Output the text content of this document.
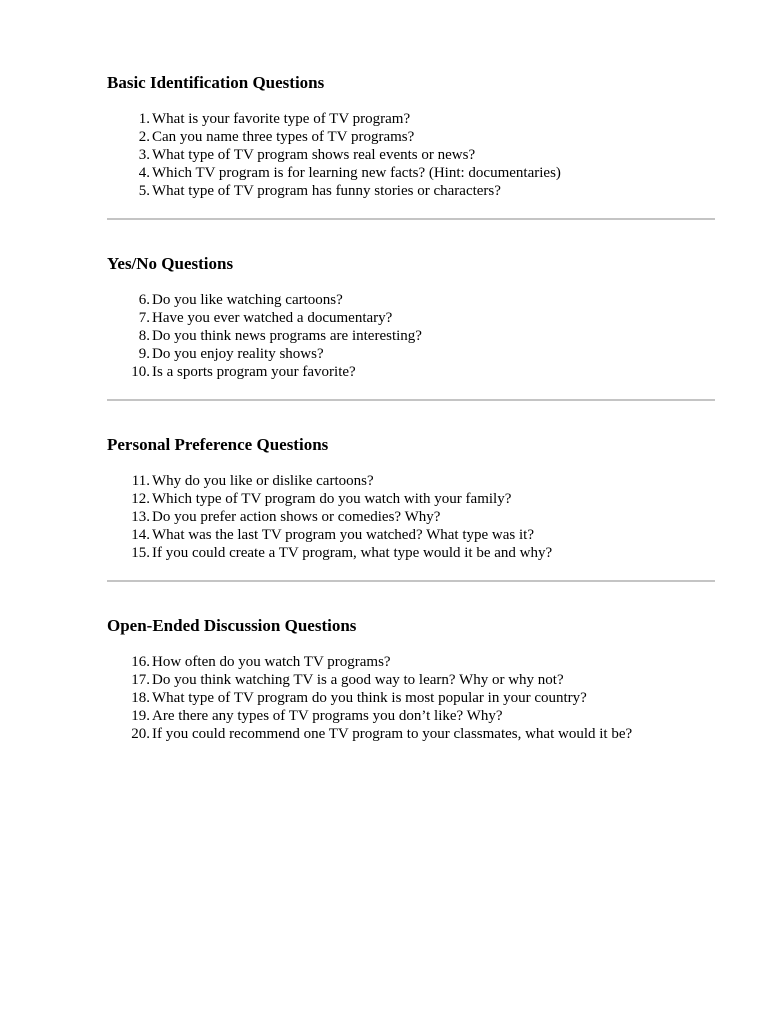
Basic Identification Questions
1. What is your favorite type of TV program?
2. Can you name three types of TV programs?
3. What type of TV program shows real events or news?
4. Which TV program is for learning new facts? (Hint: documentaries)
5. What type of TV program has funny stories or characters?
Yes/No Questions
6. Do you like watching cartoons?
7. Have you ever watched a documentary?
8. Do you think news programs are interesting?
9. Do you enjoy reality shows?
10. Is a sports program your favorite?
Personal Preference Questions
11. Why do you like or dislike cartoons?
12. Which type of TV program do you watch with your family?
13. Do you prefer action shows or comedies? Why?
14. What was the last TV program you watched? What type was it?
15. If you could create a TV program, what type would it be and why?
Open-Ended Discussion Questions
16. How often do you watch TV programs?
17. Do you think watching TV is a good way to learn? Why or why not?
18. What type of TV program do you think is most popular in your country?
19. Are there any types of TV programs you don’t like? Why?
20. If you could recommend one TV program to your classmates, what would it be?
